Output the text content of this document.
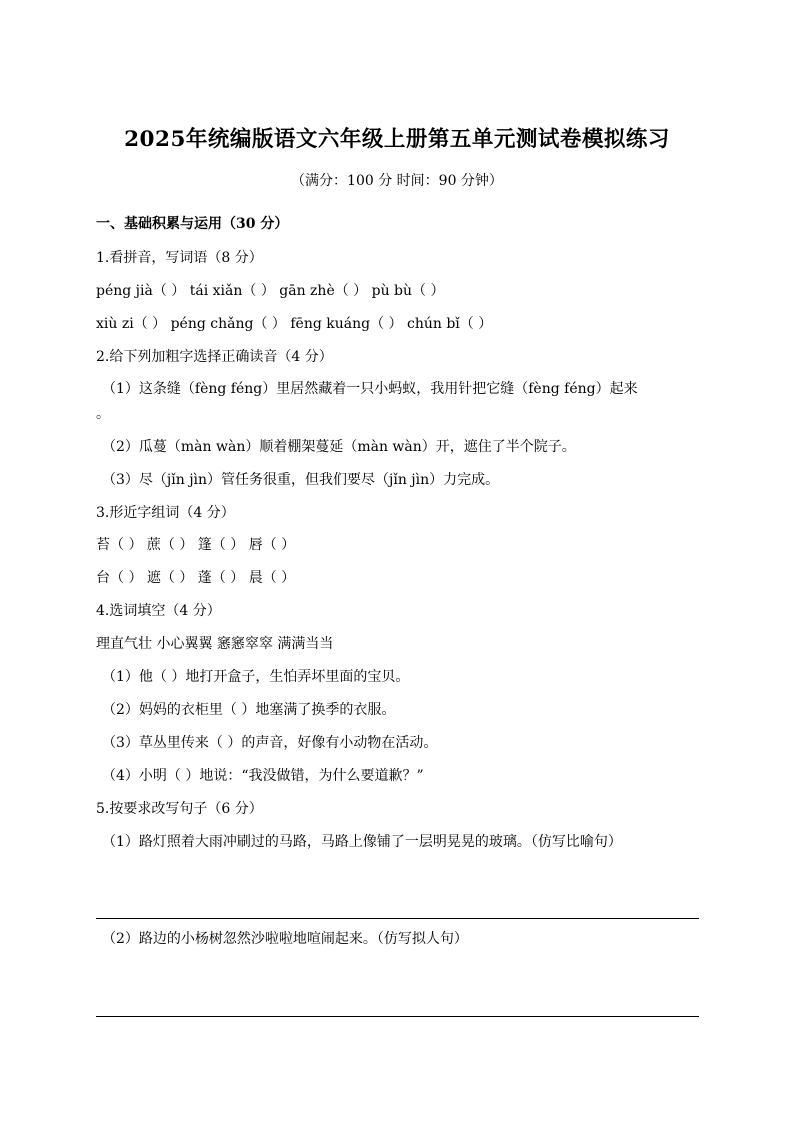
2025年统编版语文六年级上册第五单元测试卷模拟练习
（满分：100 分 时间：90 分钟）
一、基础积累与运用（30 分）
1.看拼音，写词语（8 分）
péng jià（ ） tái xiǎn（ ） gān zhè（ ） pù bù（ ）
xiù zi（ ） péng chǎng（ ） fēng kuáng（ ） chún bǐ（ ）
2.给下列加粗字选择正确读音（4 分）
（1）这条缝（fèng féng）里居然藏着一只小蚂蚁，我用针把它缝（fèng féng）起来
。
（2）瓜蔓（màn wàn）顺着棚架蔓延（màn wàn）开，遮住了半个院子。
（3）尽（jǐn jìn）管任务很重，但我们要尽（jǐn jìn）力完成。
3.形近字组词（4 分）
苔（ ） 蔗（ ） 篷（ ） 唇（ ）
台（ ） 遮（ ） 蓬（ ） 晨（ ）
4.选词填空（4 分）
理直气壮 小心翼翼 窸窸窣窣 满满当当
（1）他（ ）地打开盒子，生怕弄坏里面的宝贝。
（2）妈妈的衣柜里（ ）地塞满了换季的衣服。
（3）草丛里传来（ ）的声音，好像有小动物在活动。
（4）小明（ ）地说：“我没做错，为什么要道歉？”
5.按要求改写句子（6 分）
（1）路灯照着大雨冲刷过的马路，马路上像铺了一层明晃晃的玻璃。（仿写比喻句）
（2）路边的小杨树忽然沙啦啦地喧闹起来。（仿写拟人句）
